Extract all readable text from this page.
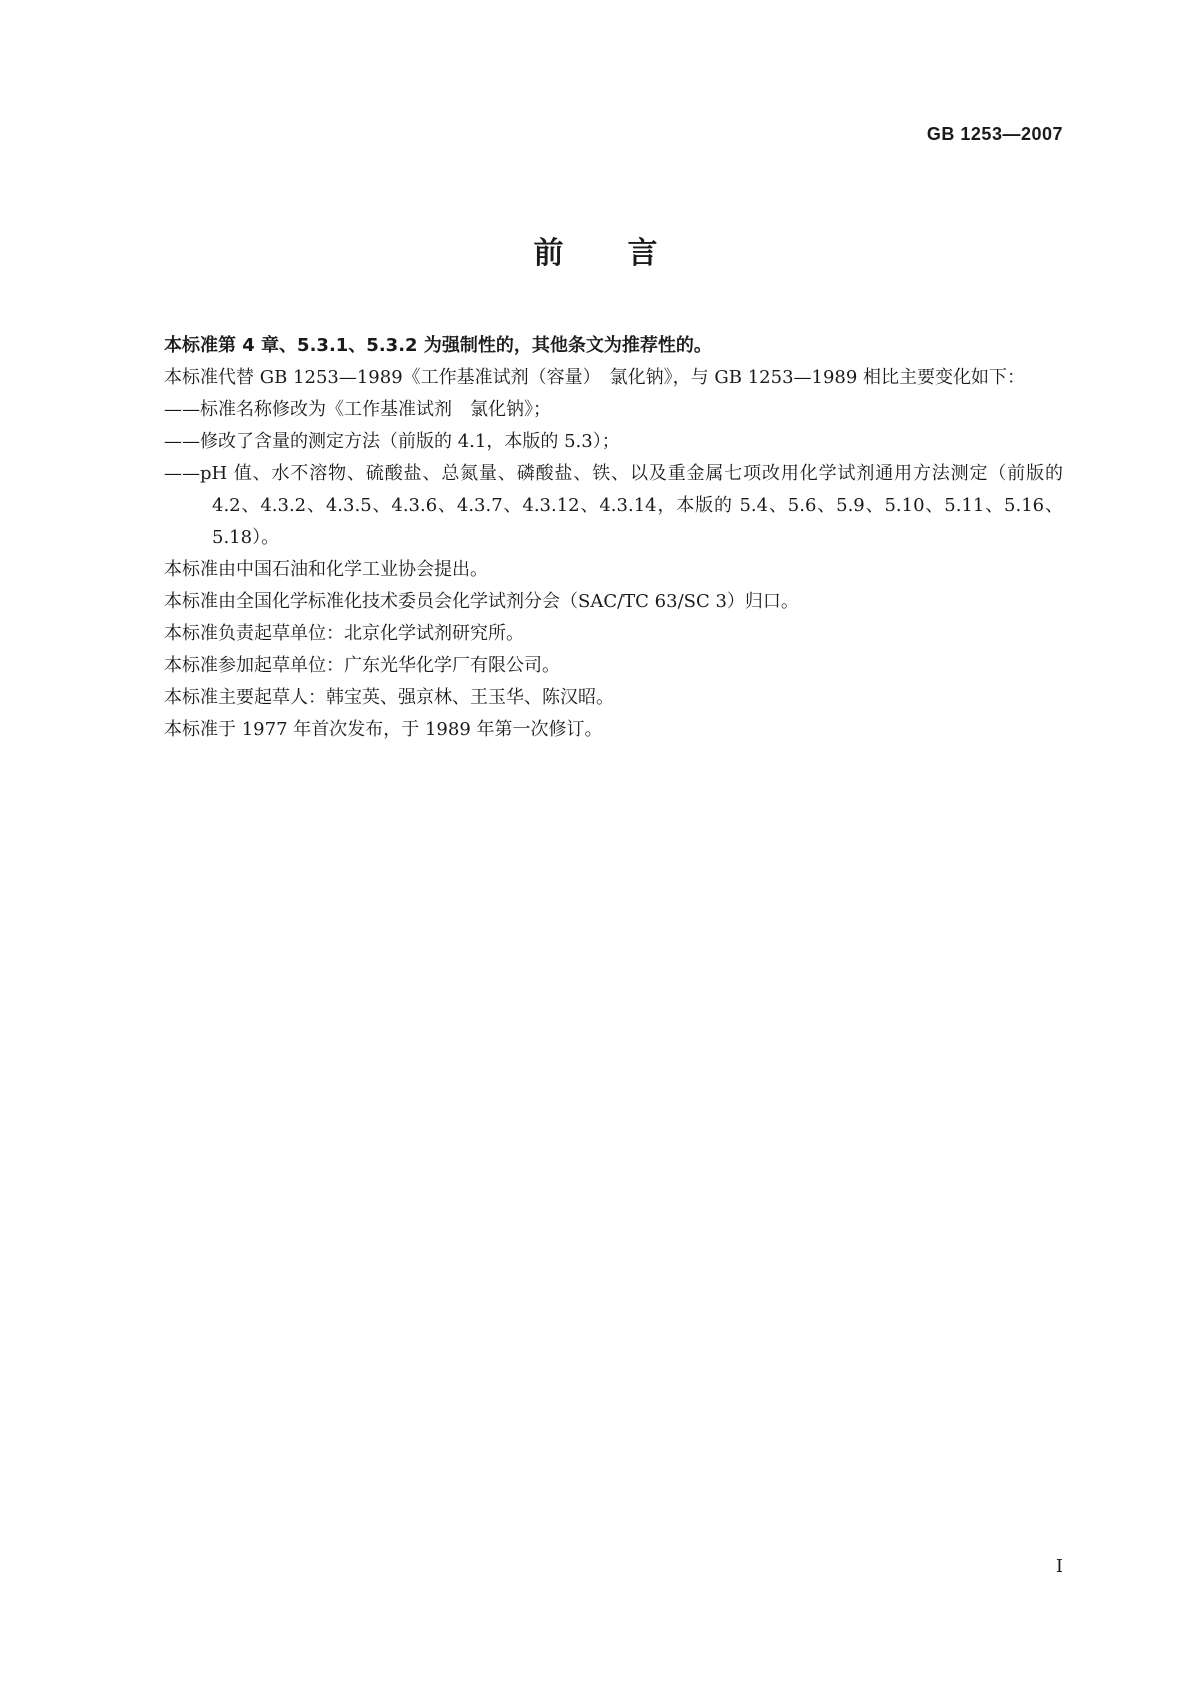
GB 1253—2007
前言

本标准第 4 章、5.3.1、5.3.2 为强制性的，其他条文为推荐性的。

本标准代替 GB 1253—1989《工作基准试剂（容量）　氯化钠》，与 GB 1253—1989 相比主要变化如下：

——标准名称修改为《工作基准试剂　氯化钠》；

——修改了含量的测定方法（前版的 4.1，本版的 5.3）；

——pH 值、水不溶物、硫酸盐、总氮量、磷酸盐、铁、以及重金属七项改用化学试剂通用方法测定（前版的 4.2、4.3.2、4.3.5、4.3.6、4.3.7、4.3.12、4.3.14，本版的 5.4、5.6、5.9、5.10、5.11、5.16、5.18）。

本标准由中国石油和化学工业协会提出。

本标准由全国化学标准化技术委员会化学试剂分会（SAC/TC 63/SC 3）归口。

本标准负责起草单位：北京化学试剂研究所。

本标准参加起草单位：广东光华化学厂有限公司。

本标准主要起草人：韩宝英、强京林、王玉华、陈汉昭。

本标准于 1977 年首次发布，于 1989 年第一次修订。

I
